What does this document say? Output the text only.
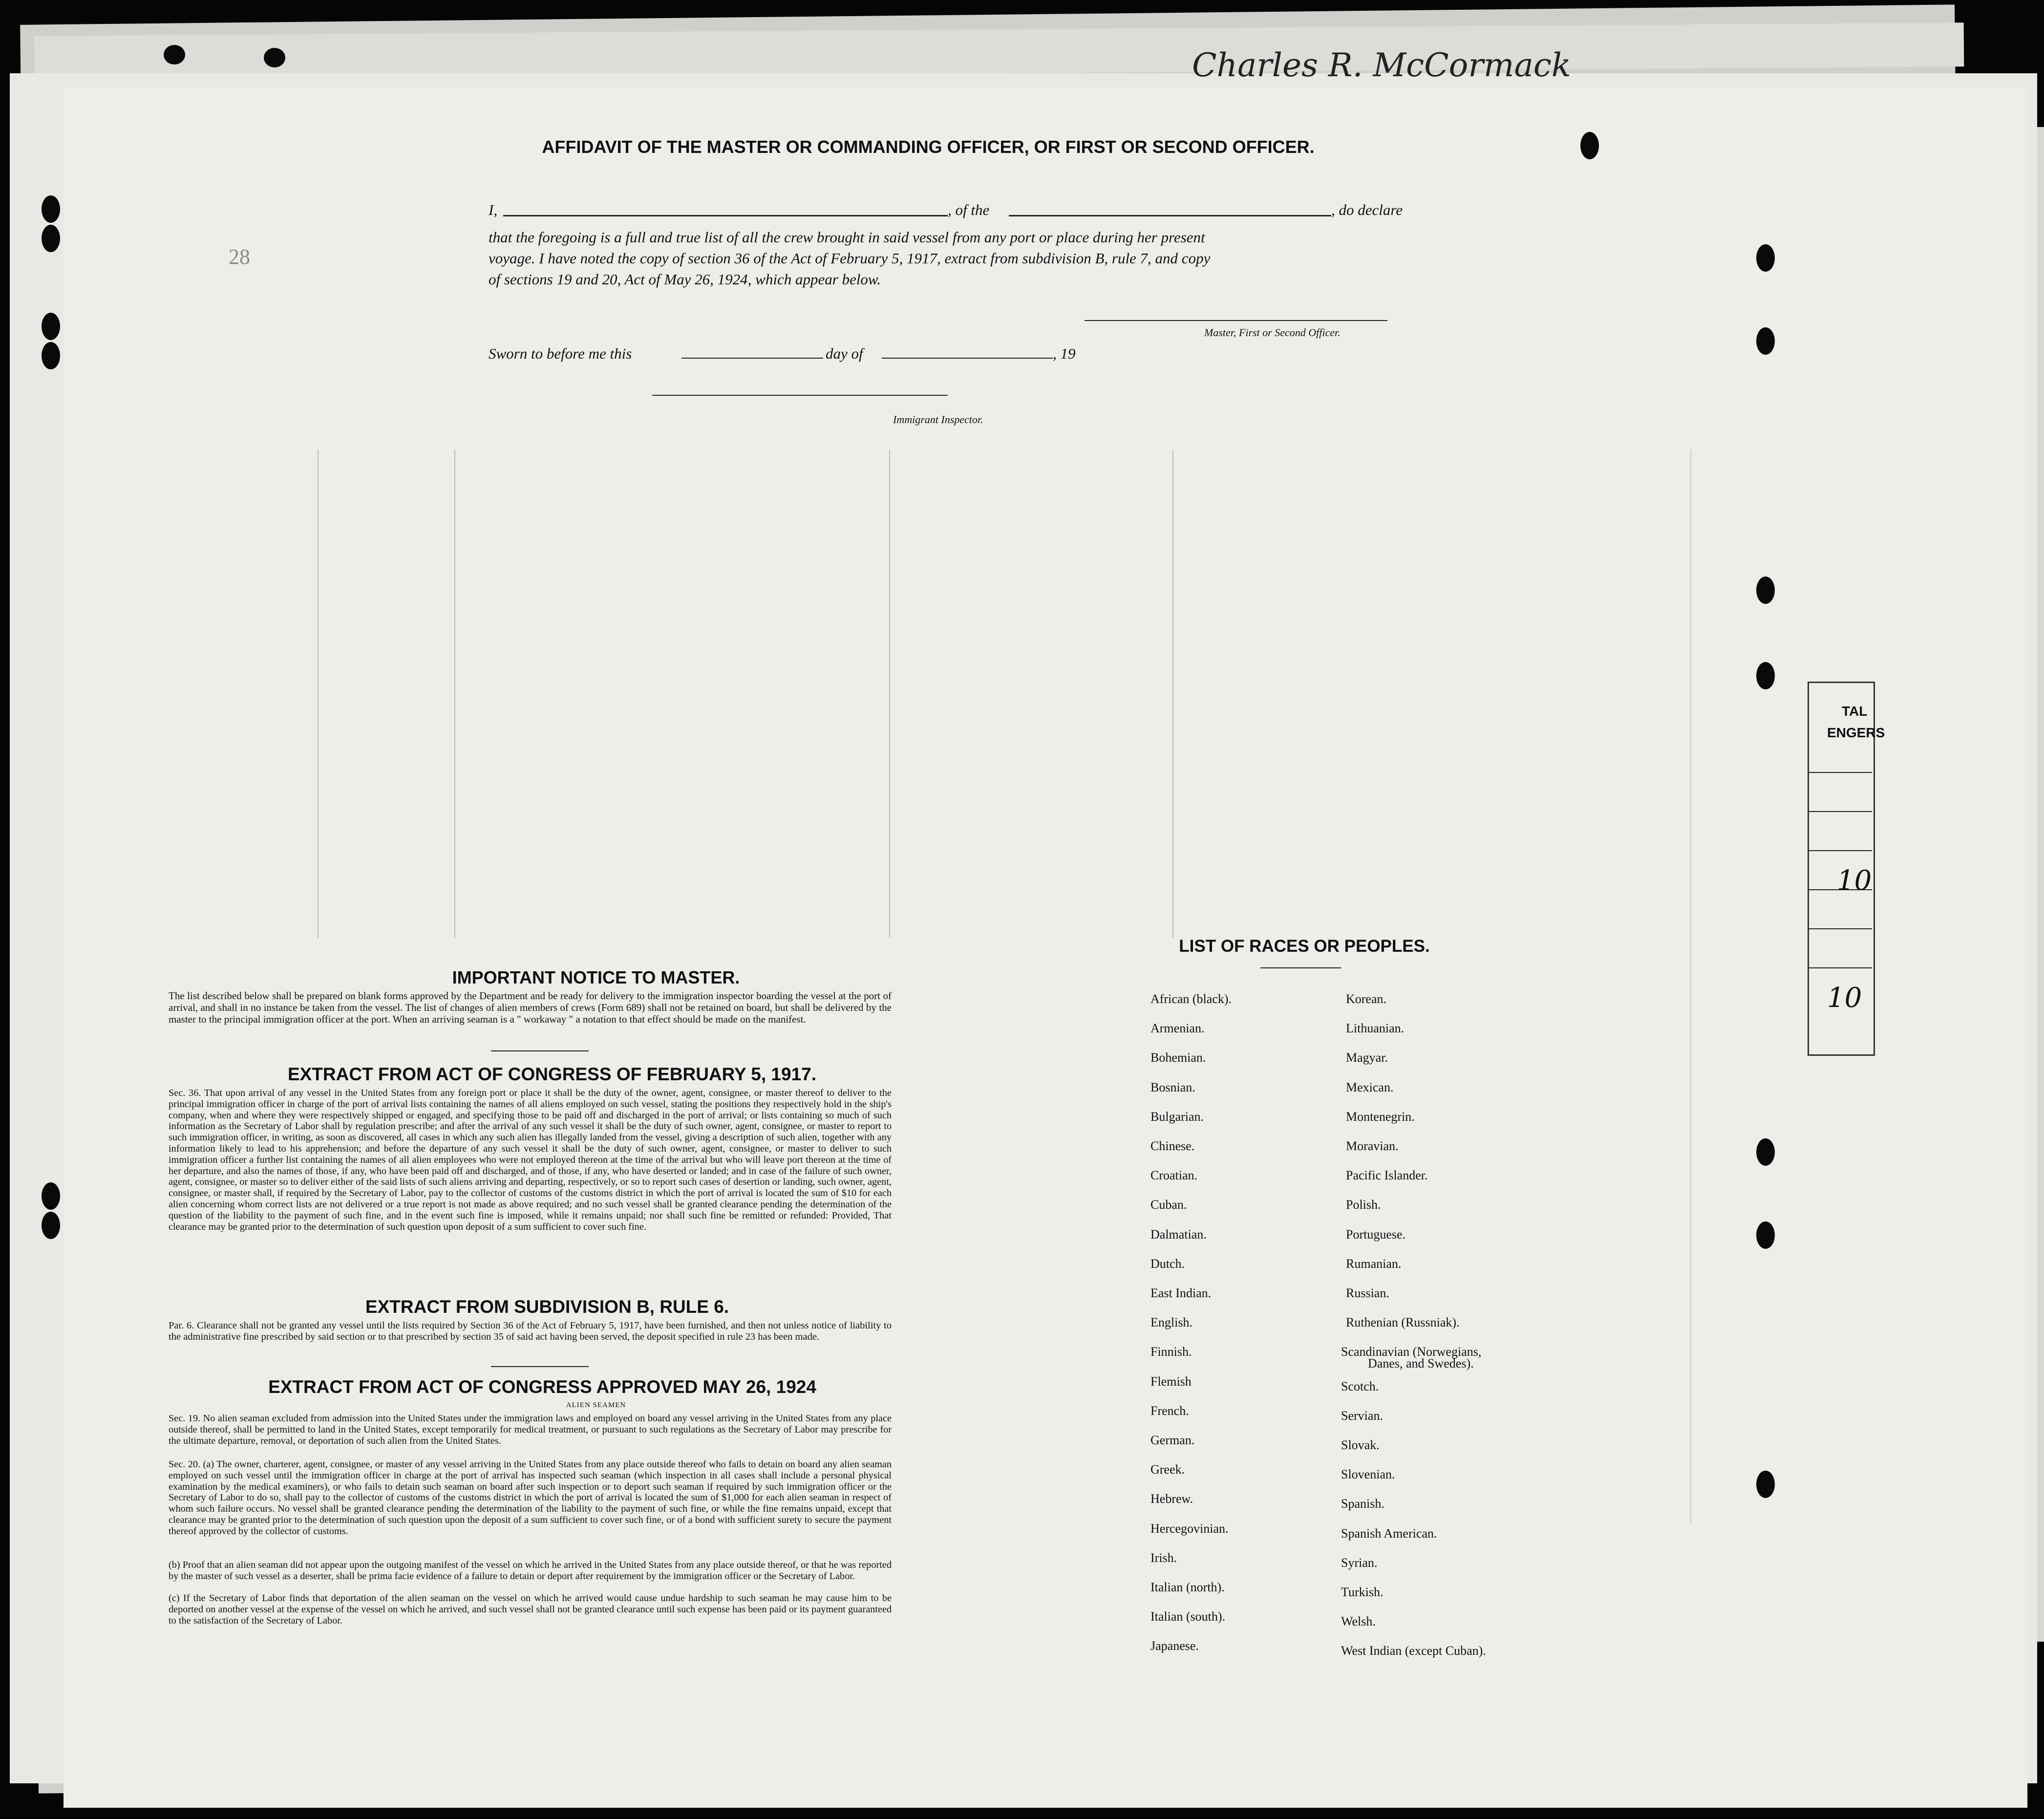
Charles R. McCormack
28
AFFIDAVIT OF THE MASTER OR COMMANDING OFFICER, OR FIRST OR SECOND OFFICER.
I,	, of the	, do declare
that the foregoing is a full and true list of all the crew brought in said vessel from any port or place during her present
voyage. I have noted the copy of section 36 of the Act of February 5, 1917, extract from subdivision B, rule 7, and copy
of sections 19 and 20, Act of May 26, 1924, which appear below.
Master, First or Second Officer.
Sworn to before me this	day of	, 19
Immigrant Inspector.
IMPORTANT NOTICE TO MASTER.
The list described below shall be prepared on blank forms approved by the Department and be ready for delivery to the immigration inspector boarding the vessel at the port of arrival, and shall in no instance be taken from the vessel. The list of changes of alien members of crews (Form 689) shall not be retained on board, but shall be delivered by the master to the principal immigration officer at the port. When an arriving seaman is a " workaway " a notation to that effect should be made on the manifest.
EXTRACT FROM ACT OF CONGRESS OF FEBRUARY 5, 1917.
Sec. 36. That upon arrival of any vessel in the United States from any foreign port or place it shall be the duty of the owner, agent, consignee, or master thereof to deliver to the principal immigration officer in charge of the port of arrival lists containing the names of all aliens employed on such vessel, stating the positions they respectively hold in the ship's company, when and where they were respectively shipped or engaged, and specifying those to be paid off and discharged in the port of arrival; or lists containing so much of such information as the Secretary of Labor shall by regulation prescribe; and after the arrival of any such vessel it shall be the duty of such owner, agent, consignee, or master to report to such immigration officer, in writing, as soon as discovered, all cases in which any such alien has illegally landed from the vessel, giving a description of such alien, together with any information likely to lead to his apprehension; and before the departure of any such vessel it shall be the duty of such owner, agent, consignee, or master to deliver to such immigration officer a further list containing the names of all alien employees who were not employed thereon at the time of the arrival but who will leave port thereon at the time of her departure, and also the names of those, if any, who have been paid off and discharged, and of those, if any, who have deserted or landed; and in case of the failure of such owner, agent, consignee, or master so to deliver either of the said lists of such aliens arriving and departing, respectively, or so to report such cases of desertion or landing, such owner, agent, consignee, or master shall, if required by the Secretary of Labor, pay to the collector of customs of the customs district in which the port of arrival is located the sum of $10 for each alien concerning whom correct lists are not delivered or a true report is not made as above required; and no such vessel shall be granted clearance pending the determination of the question of the liability to the payment of such fine, and in the event such fine is imposed, while it remains unpaid; nor shall such fine be remitted or refunded: Provided, That clearance may be granted prior to the determination of such question upon deposit of a sum sufficient to cover such fine.
EXTRACT FROM SUBDIVISION B, RULE 6.
Par. 6. Clearance shall not be granted any vessel until the lists required by Section 36 of the Act of February 5, 1917, have been furnished, and then not unless notice of liability to the administrative fine prescribed by said section or to that prescribed by section 35 of said act having been served, the deposit specified in rule 23 has been made.
EXTRACT FROM ACT OF CONGRESS APPROVED MAY 26, 1924
ALIEN SEAMEN
Sec. 19. No alien seaman excluded from admission into the United States under the immigration laws and employed on board any vessel arriving in the United States from any place outside thereof, shall be permitted to land in the United States, except temporarily for medical treatment, or pursuant to such regulations as the Secretary of Labor may prescribe for the ultimate departure, removal, or deportation of such alien from the United States.
Sec. 20. (a) The owner, charterer, agent, consignee, or master of any vessel arriving in the United States from any place outside thereof who fails to detain on board any alien seaman employed on such vessel until the immigration officer in charge at the port of arrival has inspected such seaman (which inspection in all cases shall include a personal physical examination by the medical examiners), or who fails to detain such seaman on board after such inspection or to deport such seaman if required by such immigration officer or the Secretary of Labor to do so, shall pay to the collector of customs of the customs district in which the port of arrival is located the sum of $1,000 for each alien seaman in respect of whom such failure occurs. No vessel shall be granted clearance pending the determination of the liability to the payment of such fine, or while the fine remains unpaid, except that clearance may be granted prior to the determination of such question upon the deposit of a sum sufficient to cover such fine, or of a bond with sufficient surety to secure the payment thereof approved by the collector of customs.
(b) Proof that an alien seaman did not appear upon the outgoing manifest of the vessel on which he arrived in the United States from any place outside thereof, or that he was reported by the master of such vessel as a deserter, shall be prima facie evidence of a failure to detain or deport after requirement by the immigration officer or the Secretary of Labor.
(c) If the Secretary of Labor finds that deportation of the alien seaman on the vessel on which he arrived would cause undue hardship to such seaman he may cause him to be deported on another vessel at the expense of the vessel on which he arrived, and such vessel shall not be granted clearance until such expense has been paid or its payment guaranteed to the satisfaction of the Secretary of Labor.
LIST OF RACES OR PEOPLES.
African (black).
Armenian.
Bohemian.
Bosnian.
Bulgarian.
Chinese.
Croatian.
Cuban.
Dalmatian.
Dutch.
East Indian.
English.
Finnish.
Flemish
French.
German.
Greek.
Hebrew.
Hercegovinian.
Irish.
Italian (north).
Italian (south).
Japanese.
Korean.
Lithuanian.
Magyar.
Mexican.
Montenegrin.
Moravian.
Pacific Islander.
Polish.
Portuguese.
Rumanian.
Russian.
Ruthenian (Russniak).
Scandinavian (Norwegians,
Scotch.
Servian.
Slovak.
Slovenian.
Spanish.
Spanish American.
Syrian.
Turkish.
Welsh.
West Indian (except Cuban).
Danes, and Swedes).
TAL
ENGERS
10
10
